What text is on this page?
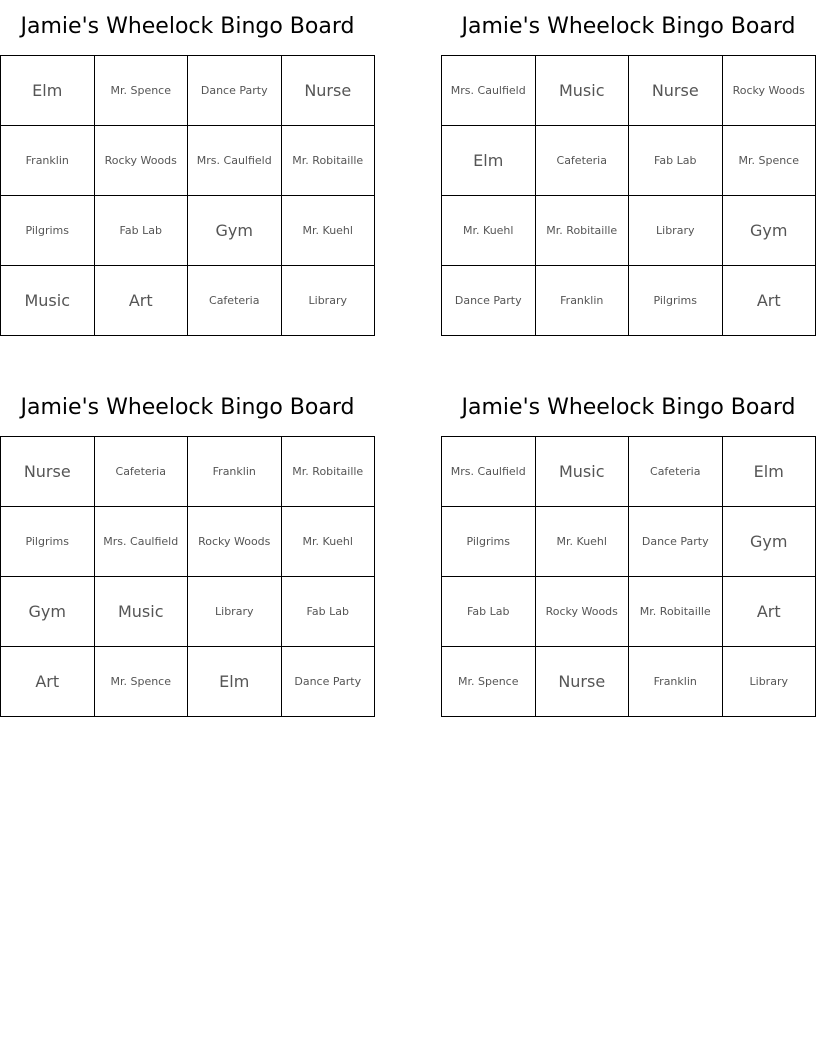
Jamie's Wheelock Bingo Board
Elm	Mr. Spence	Dance Party	Nurse
Franklin	Rocky Woods	Mrs. Caulfield	Mr. Robitaille
Pilgrims	Fab Lab	Gym	Mr. Kuehl
Music	Art	Cafeteria	Library
Jamie's Wheelock Bingo Board
Mrs. Caulfield	Music	Nurse	Rocky Woods
Elm	Cafeteria	Fab Lab	Mr. Spence
Mr. Kuehl	Mr. Robitaille	Library	Gym
Dance Party	Franklin	Pilgrims	Art
Jamie's Wheelock Bingo Board
Nurse	Cafeteria	Franklin	Mr. Robitaille
Pilgrims	Mrs. Caulfield	Rocky Woods	Mr. Kuehl
Gym	Music	Library	Fab Lab
Art	Mr. Spence	Elm	Dance Party
Jamie's Wheelock Bingo Board
Mrs. Caulfield	Music	Cafeteria	Elm
Pilgrims	Mr. Kuehl	Dance Party	Gym
Fab Lab	Rocky Woods	Mr. Robitaille	Art
Mr. Spence	Nurse	Franklin	Library
